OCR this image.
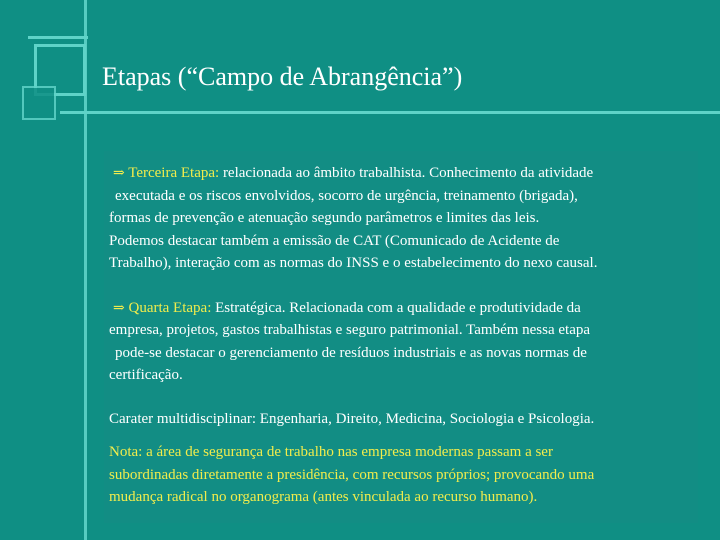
Etapas (“Campo de Abrangência”)

⇒ Terceira Etapa: relacionada ao âmbito trabalhista. Conhecimento da atividade
executada e os riscos envolvidos, socorro de urgência, treinamento (brigada),
formas de prevenção e atenuação segundo parâmetros e limites das leis.
Podemos destacar também a emissão de CAT (Comunicado de Acidente de
Trabalho), interação com as normas do INSS e o estabelecimento do nexo causal.

⇒ Quarta Etapa: Estratégica. Relacionada com a qualidade e produtividade da
empresa, projetos, gastos trabalhistas e seguro patrimonial. Também nessa etapa
pode-se destacar o gerenciamento de resíduos industriais e as novas normas de
certificação.

Carater multidisciplinar: Engenharia, Direito, Medicina, Sociologia e Psicologia.

Nota: a área de segurança de trabalho nas empresa modernas passam a ser
subordinadas diretamente a presidência, com recursos próprios; provocando uma
mudança radical no organograma (antes vinculada ao recurso humano).
